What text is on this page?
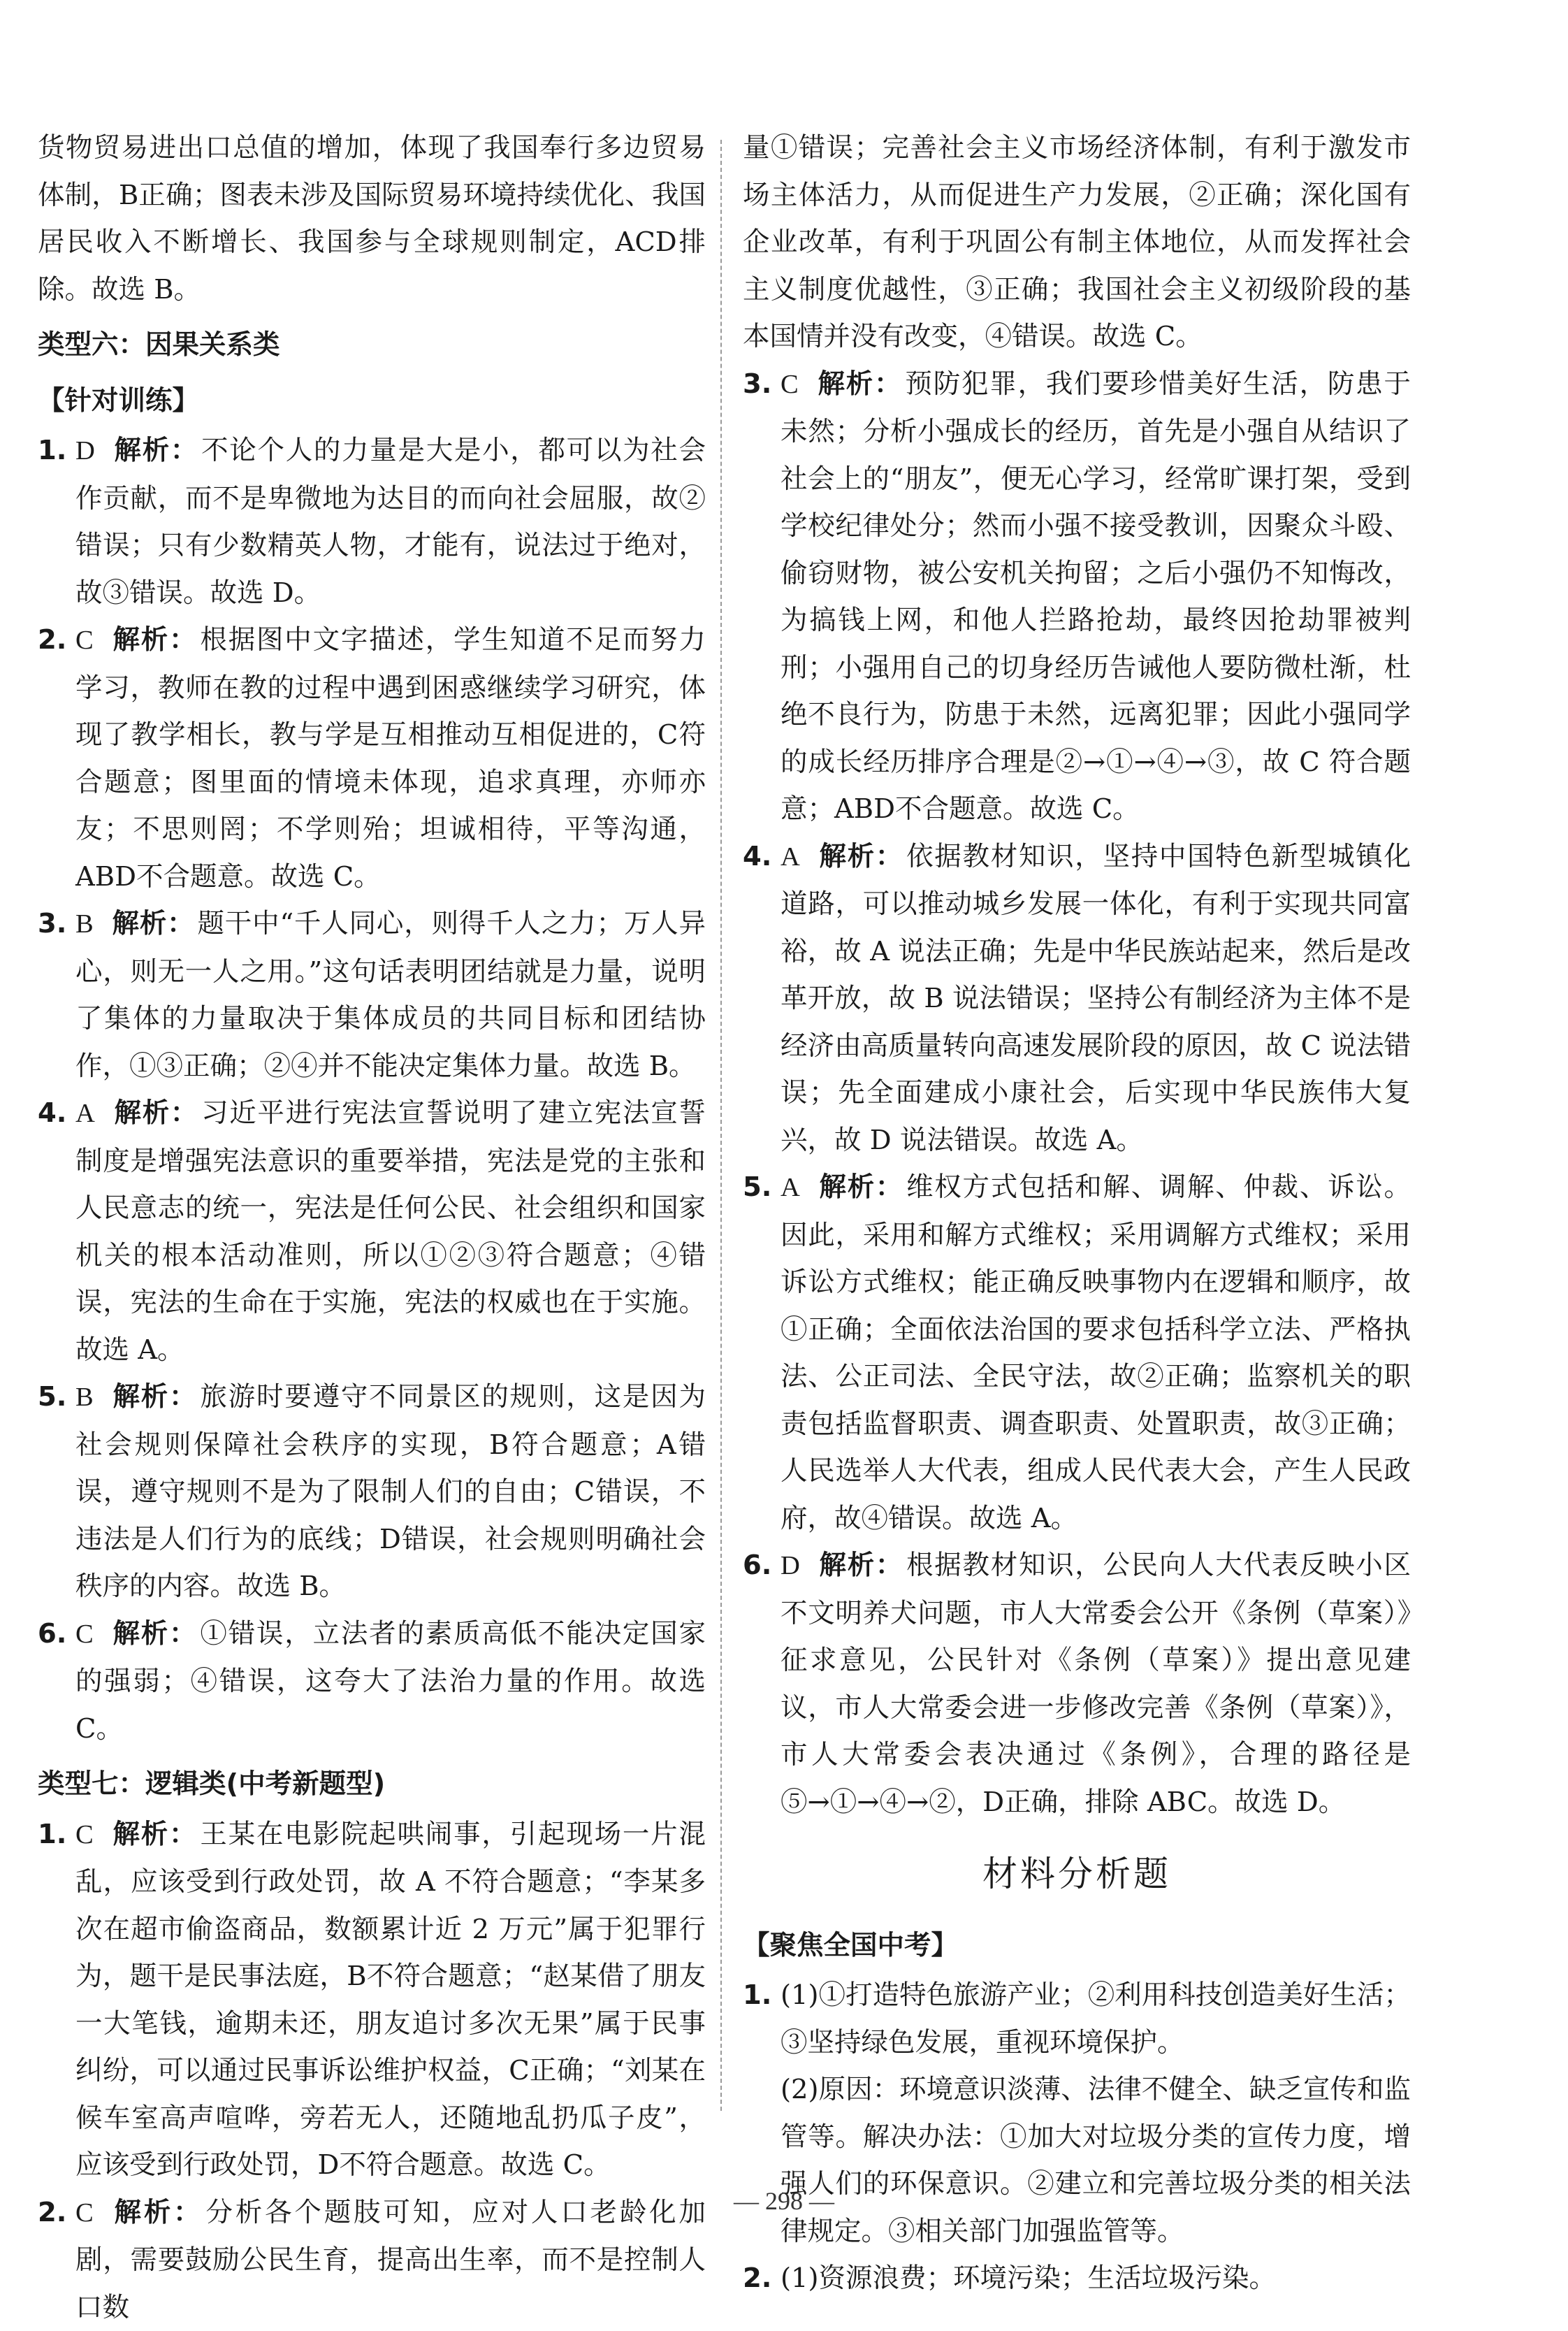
货物贸易进出口总值的增加，体现了我国奉行多边贸易体制，B正确；图表未涉及国际贸易环境持续优化、我国居民收入不断增长、我国参与全球规则制定，ACD排除。故选 B。

类型六：因果关系类
【针对训练】
1. D 解析： 不论个人的力量是大是小，都可以为社会作贡献，而不是卑微地为达目的而向社会屈服，故②错误；只有少数精英人物，才能有，说法过于绝对，故③错误。故选 D。
2. C 解析： 根据图中文字描述，学生知道不足而努力学习，教师在教的过程中遇到困惑继续学习研究，体现了教学相长，教与学是互相推动互相促进的，C符合题意；图里面的情境未体现，追求真理，亦师亦友；不思则罔；不学则殆；坦诚相待，平等沟通，ABD不合题意。故选 C。
3. B 解析： 题干中“千人同心，则得千人之力；万人异心，则无一人之用。”这句话表明团结就是力量，说明了集体的力量取决于集体成员的共同目标和团结协作，①③正确；②④并不能决定集体力量。故选 B。
4. A 解析： 习近平进行宪法宣誓说明了建立宪法宣誓制度是增强宪法意识的重要举措，宪法是党的主张和人民意志的统一，宪法是任何公民、社会组织和国家机关的根本活动准则，所以①②③符合题意；④错误，宪法的生命在于实施，宪法的权威也在于实施。故选 A。
5. B 解析： 旅游时要遵守不同景区的规则，这是因为社会规则保障社会秩序的实现，B符合题意；A错误，遵守规则不是为了限制人们的自由；C错误，不违法是人们行为的底线；D错误，社会规则明确社会秩序的内容。故选 B。
6. C 解析： ①错误，立法者的素质高低不能决定国家的强弱；④错误，这夸大了法治力量的作用。故选 C。
类型七：逻辑类(中考新题型)
1. C 解析： 王某在电影院起哄闹事，引起现场一片混乱，应该受到行政处罚，故 A 不符合题意；“李某多次在超市偷盗商品，数额累计近 2 万元”属于犯罪行为，题干是民事法庭，B不符合题意；“赵某借了朋友一大笔钱，逾期未还，朋友追讨多次无果”属于民事纠纷，可以通过民事诉讼维护权益，C正确；“刘某在候车室高声喧哗，旁若无人，还随地乱扔瓜子皮”，应该受到行政处罚，D不符合题意。故选 C。
2. C 解析： 分析各个题肢可知，应对人口老龄化加剧，需要鼓励公民生育，提高出生率，而不是控制人口数

量①错误；完善社会主义市场经济体制，有利于激发市场主体活力，从而促进生产力发展，②正确；深化国有企业改革，有利于巩固公有制主体地位，从而发挥社会主义制度优越性，③正确；我国社会主义初级阶段的基本国情并没有改变，④错误。故选 C。

3. C 解析： 预防犯罪，我们要珍惜美好生活，防患于未然；分析小强成长的经历，首先是小强自从结识了社会上的“朋友”，便无心学习，经常旷课打架，受到学校纪律处分；然而小强不接受教训，因聚众斗殴、偷窃财物，被公安机关拘留；之后小强仍不知悔改，为搞钱上网，和他人拦路抢劫，最终因抢劫罪被判刑；小强用自己的切身经历告诫他人要防微杜渐，杜绝不良行为，防患于未然，远离犯罪；因此小强同学的成长经历排序合理是②→①→④→③，故 C 符合题意；ABD不合题意。故选 C。
4. A 解析： 依据教材知识，坚持中国特色新型城镇化道路，可以推动城乡发展一体化，有利于实现共同富裕，故 A 说法正确；先是中华民族站起来，然后是改革开放，故 B 说法错误；坚持公有制经济为主体不是经济由高质量转向高速发展阶段的原因，故 C 说法错误；先全面建成小康社会，后实现中华民族伟大复兴，故 D 说法错误。故选 A。
5. A 解析： 维权方式包括和解、调解、仲裁、诉讼。因此，采用和解方式维权；采用调解方式维权；采用诉讼方式维权；能正确反映事物内在逻辑和顺序，故①正确；全面依法治国的要求包括科学立法、严格执法、公正司法、全民守法，故②正确；监察机关的职责包括监督职责、调查职责、处置职责，故③正确；人民选举人大代表，组成人民代表大会，产生人民政府，故④错误。故选 A。
6. D 解析： 根据教材知识，公民向人大代表反映小区不文明养犬问题，市人大常委会公开《条例（草案）》征求意见，公民针对《条例（草案）》提出意见建议，市人大常委会进一步修改完善《条例（草案）》，市人大常委会表决通过《条例》，合理的路径是⑤→①→④→②，D正确，排除 ABC。故选 D。
材料分析题
【聚焦全国中考】
1. (1)①打造特色旅游产业；②利用科技创造美好生活；③坚持绿色发展，重视环境保护。

(2)原因：环境意识淡薄、法律不健全、缺乏宣传和监管等。解决办法：①加大对垃圾分类的宣传力度，增强人们的环保意识。②建立和完善垃圾分类的相关法律规定。③相关部门加强监管等。

2. (1)资源浪费；环境污染；生活垃圾污染。

— 298 —
